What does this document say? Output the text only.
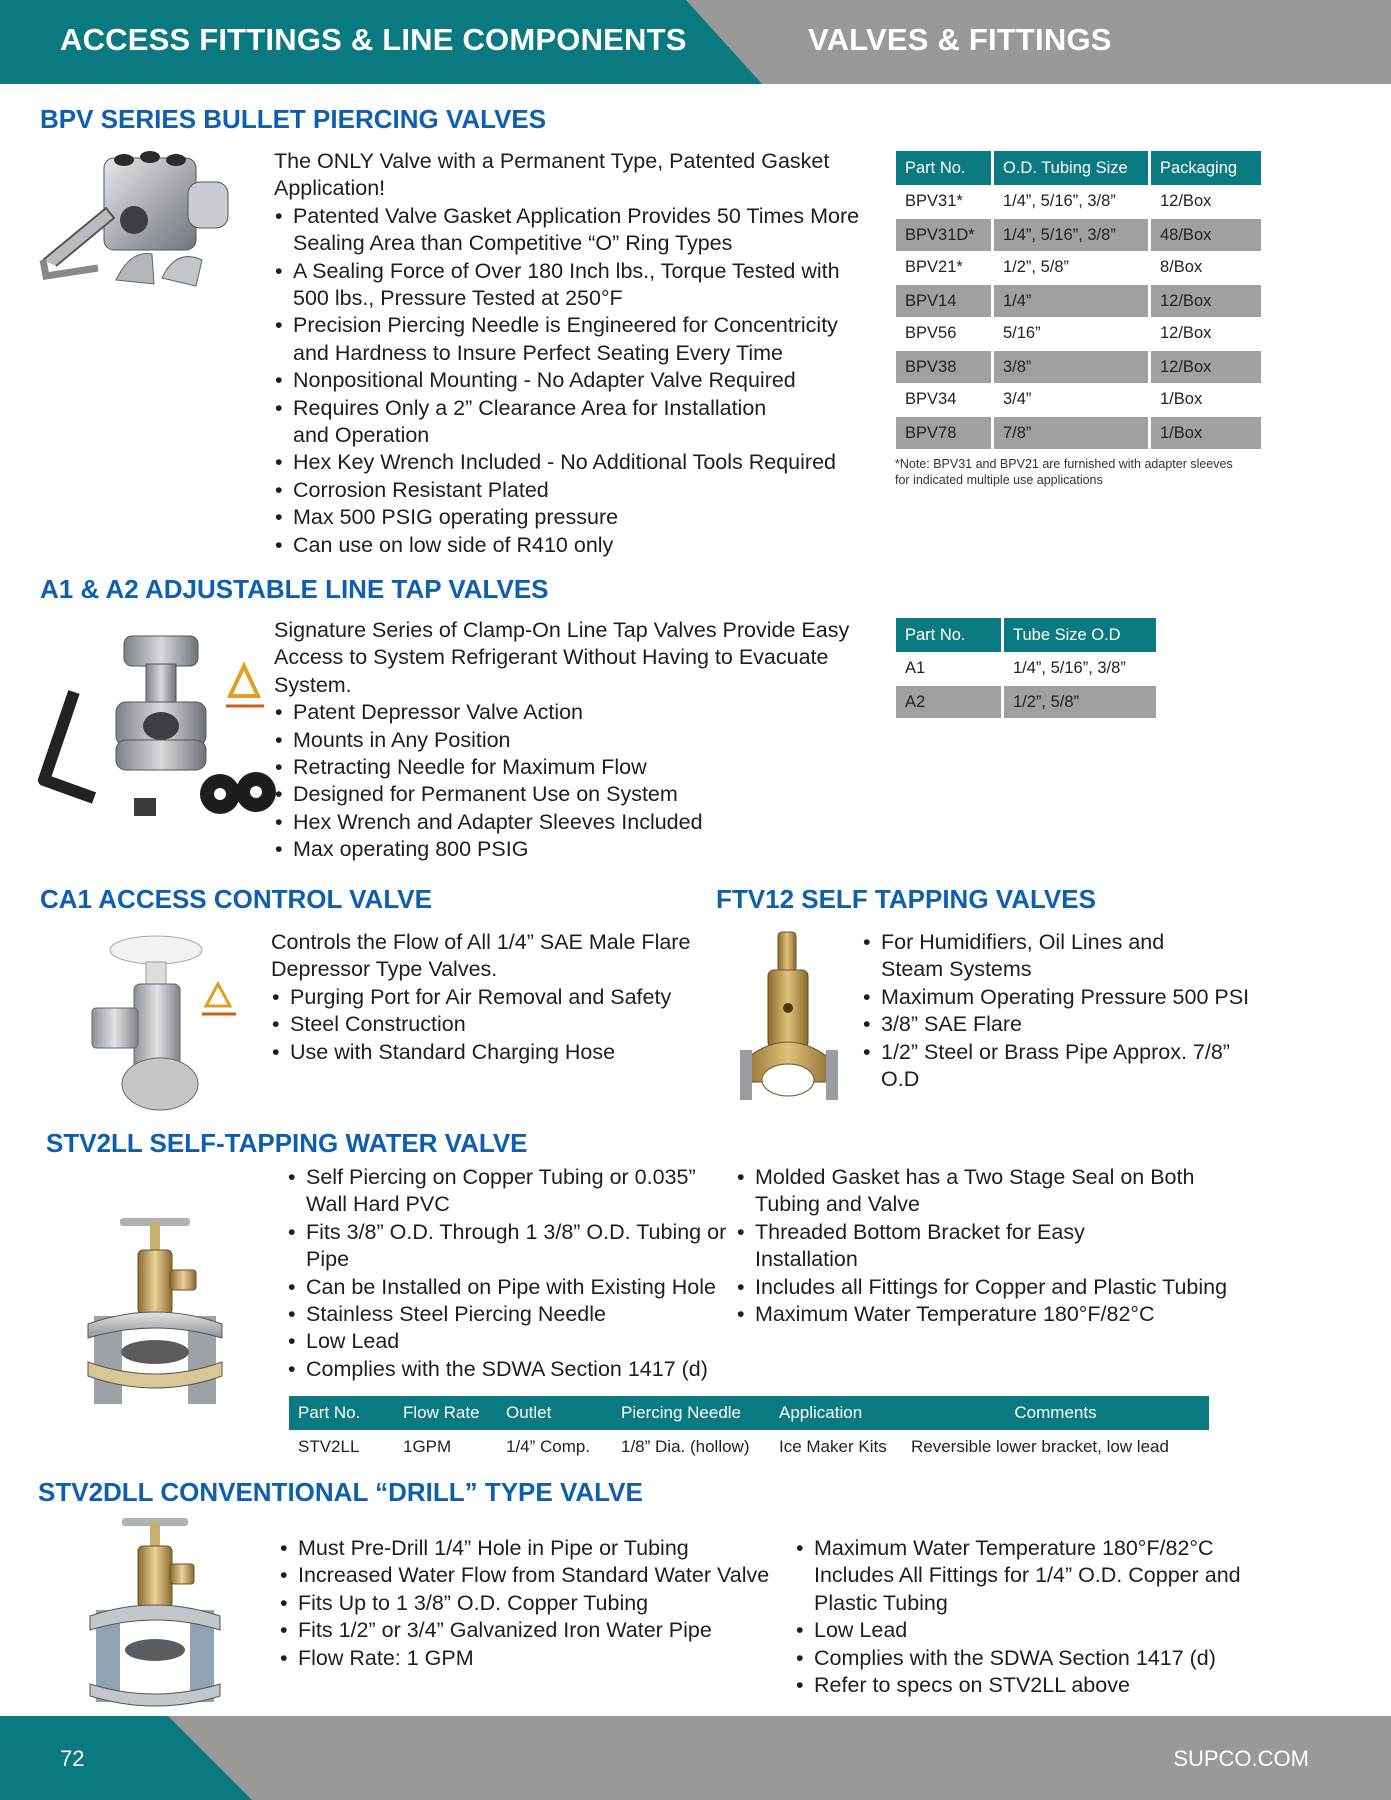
ACCESS FITTINGS & LINE COMPONENTS	VALVES & FITTINGS
BPV SERIES BULLET PIERCING VALVES
The ONLY Valve with a Permanent Type, Patented Gasket Application!
• Patented Valve Gasket Application Provides 50 Times More Sealing Area than Competitive “O” Ring Types
• A Sealing Force of Over 180 Inch lbs., Torque Tested with 500 lbs., Pressure Tested at 250°F
• Precision Piercing Needle is Engineered for Concentricity and Hardness to Insure Perfect Seating Every Time
• Nonpositional Mounting - No Adapter Valve Required
• Requires Only a 2” Clearance Area for Installation and Operation
• Hex Key Wrench Included - No Additional Tools Required
• Corrosion Resistant Plated
• Max 500 PSIG operating pressure
• Can use on low side of R410 only
Part No.	O.D. Tubing Size	Packaging
BPV31*	1/4”, 5/16”, 3/8”	12/Box
BPV31D*	1/4”, 5/16”, 3/8”	48/Box
BPV21*	1/2”, 5/8”	8/Box
BPV14	1/4”	12/Box
BPV56	5/16”	12/Box
BPV38	3/8”	12/Box
BPV34	3/4”	1/Box
BPV78	7/8”	1/Box
*Note: BPV31 and BPV21 are furnished with adapter sleeves
for indicated multiple use applications
A1 & A2 ADJUSTABLE LINE TAP VALVES
Signature Series of Clamp-On Line Tap Valves Provide Easy Access to System Refrigerant Without Having to Evacuate System.
• Patent Depressor Valve Action
• Mounts in Any Position
• Retracting Needle for Maximum Flow
• Designed for Permanent Use on System
• Hex Wrench and Adapter Sleeves Included
• Max operating 800 PSIG
Part No.	Tube Size O.D
A1	1/4”, 5/16”, 3/8”
A2	1/2”, 5/8”
CA1 ACCESS CONTROL VALVE
Controls the Flow of All 1/4” SAE Male Flare Depressor Type Valves.
• Purging Port for Air Removal and Safety
• Steel Construction
• Use with Standard Charging Hose
FTV12 SELF TAPPING VALVES
• For Humidifiers, Oil Lines and Steam Systems
• Maximum Operating Pressure 500 PSI
• 3/8” SAE Flare
• 1/2” Steel or Brass Pipe Approx. 7/8” O.D
STV2LL SELF-TAPPING WATER VALVE
• Self Piercing on Copper Tubing or 0.035” Wall Hard PVC
• Fits 3/8” O.D. Through 1 3/8” O.D. Tubing or Pipe
• Can be Installed on Pipe with Existing Hole
• Stainless Steel Piercing Needle
• Low Lead
• Complies with the SDWA Section 1417 (d)
• Molded Gasket has a Two Stage Seal on Both Tubing and Valve
• Threaded Bottom Bracket for Easy Installation
• Includes all Fittings for Copper and Plastic Tubing
• Maximum Water Temperature 180°F/82°C
Part No.	Flow Rate	Outlet	Piercing Needle	Application	Comments
STV2LL	1GPM	1/4” Comp.	1/8” Dia. (hollow)	Ice Maker Kits	Reversible lower bracket, low lead
STV2DLL CONVENTIONAL “DRILL” TYPE VALVE
• Must Pre-Drill 1/4” Hole in Pipe or Tubing
• Increased Water Flow from Standard Water Valve
• Fits Up to 1 3/8” O.D. Copper Tubing
• Fits 1/2” or 3/4” Galvanized Iron Water Pipe
• Flow Rate: 1 GPM
• Maximum Water Temperature 180°F/82°C Includes All Fittings for 1/4” O.D. Copper and Plastic Tubing
• Low Lead
• Complies with the SDWA Section 1417 (d)
• Refer to specs on STV2LL above
72	SUPCO.COM
